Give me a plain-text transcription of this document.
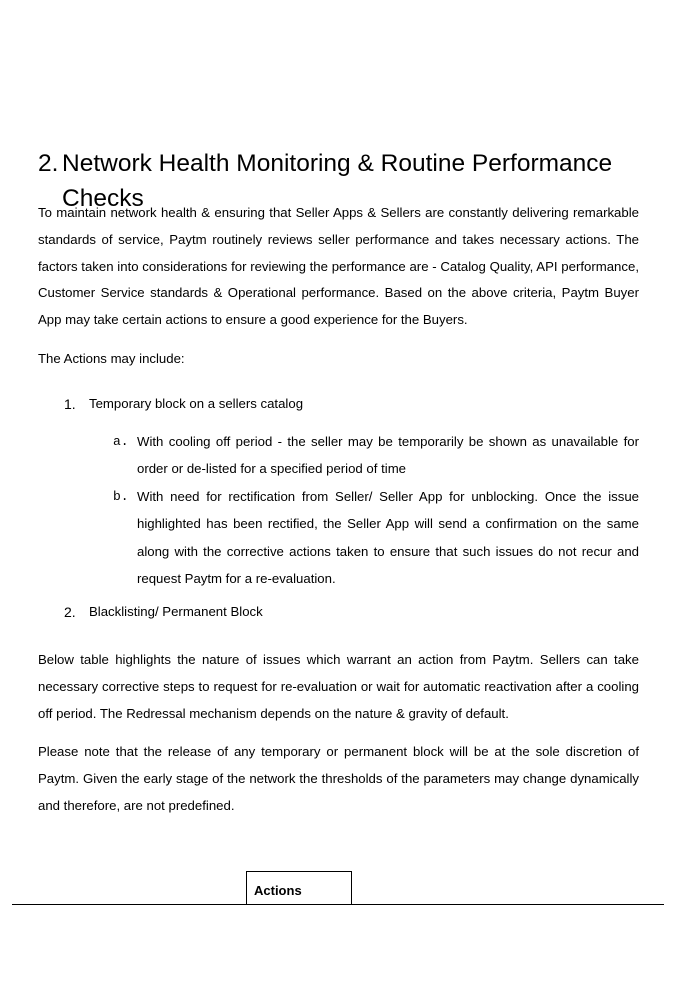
2. Network Health Monitoring & Routine Performance Checks

To maintain network health & ensuring that Seller Apps & Sellers are constantly delivering remarkable standards of service, Paytm routinely reviews seller performance and takes necessary actions. The factors taken into considerations for reviewing the performance are - Catalog Quality, API performance, Customer Service standards & Operational performance. Based on the above criteria, Paytm Buyer App may take certain actions to ensure a good experience for the Buyers.

The Actions may include:

1.	Temporary block on a sellers catalog
a. With cooling off period - the seller may be temporarily be shown as unavailable for order or de-listed for a specified period of time
b. With need for rectification from Seller/ Seller App for unblocking. Once the issue highlighted has been rectified, the Seller App will send a confirmation on the same along with the corrective actions taken to ensure that such issues do not recur and request Paytm for a re-evaluation.
2.	Blacklisting/ Permanent Block

Below table highlights the nature of issues which warrant an action from Paytm. Sellers can take necessary corrective steps to request for re-evaluation or wait for automatic reactivation after a cooling off period. The Redressal mechanism depends on the nature & gravity of default.

Please note that the release of any temporary or permanent block will be at the sole discretion of Paytm. Given the early stage of the network the thresholds of the parameters may change dynamically and therefore, are not predefined.

Actions
